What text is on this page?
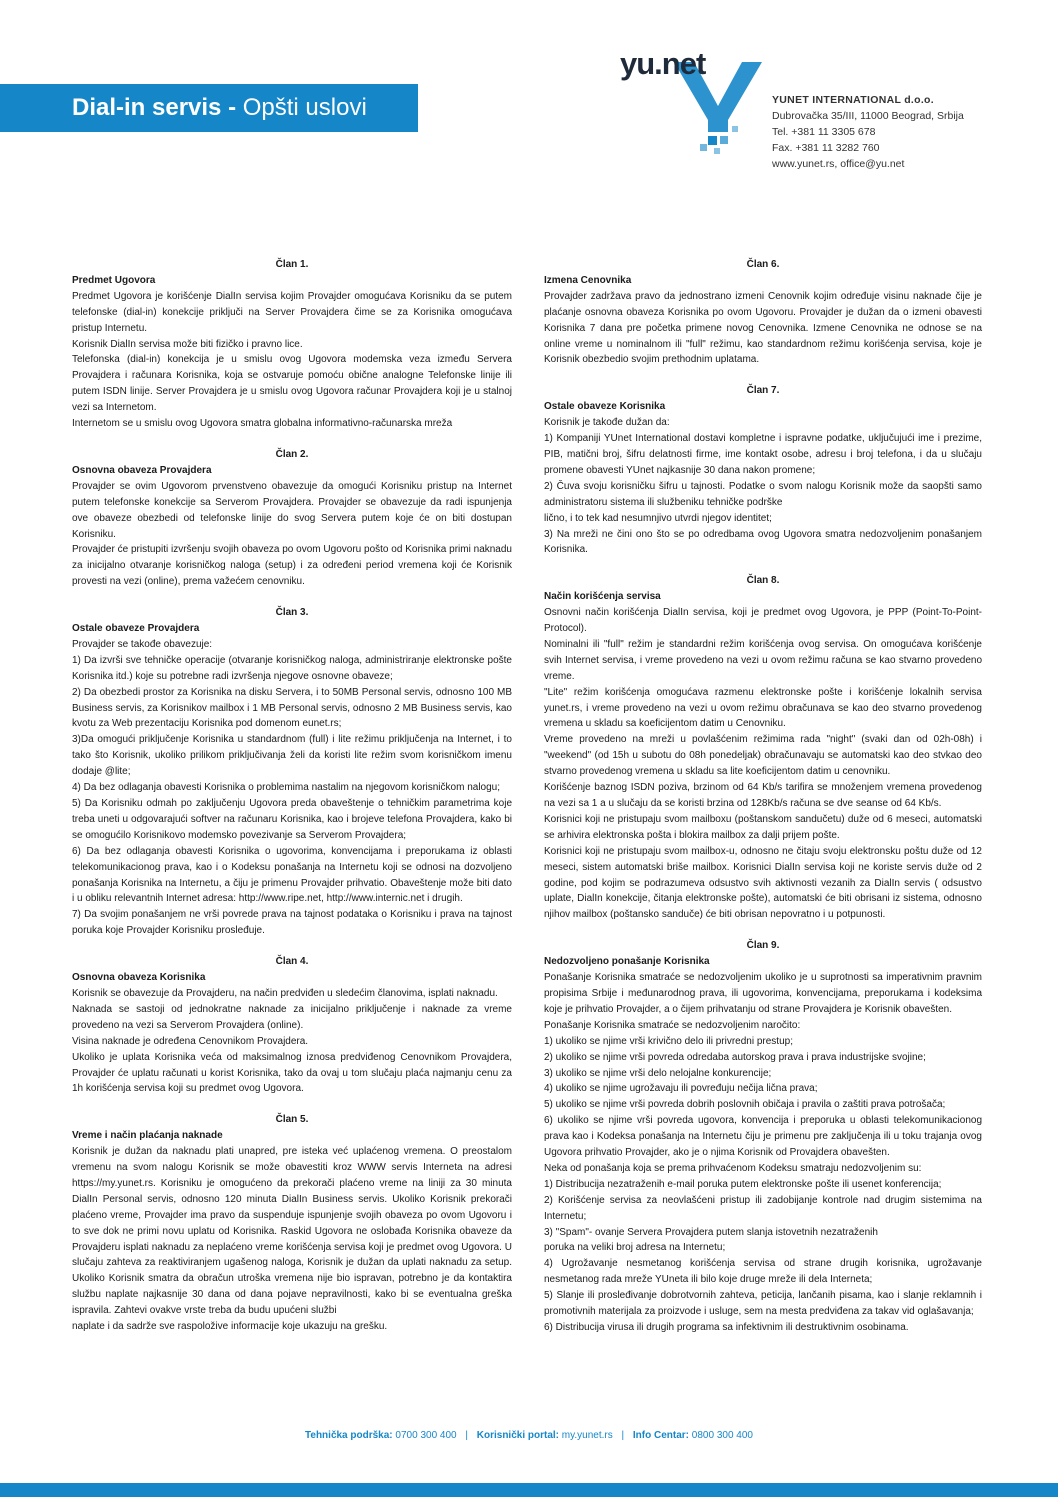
Dial-in servis - Opšti uslovi
yu.net
YUNET INTERNATIONAL d.o.o.
Dubrovačka 35/III, 11000 Beograd, Srbija
Tel. +381 11 3305 678
Fax. +381 11 3282 760
www.yunet.rs, office@yu.net

Član 1.

Predmet Ugovora

Predmet Ugovora je korišćenje DialIn servisa kojim Provajder omogućava Korisniku da se putem telefonske (dial-in) konekcije priključi na Server Provajdera čime se za Korisnika omogućava pristup Internetu.

Korisnik DialIn servisa može biti fizičko i pravno lice.

Telefonska (dial-in) konekcija je u smislu ovog Ugovora modemska veza između Servera Provajdera i računara Korisnika, koja se ostvaruje pomoću obične analogne Telefonske linije ili putem ISDN linije. Server Provajdera je u smislu ovog Ugovora računar Provajdera koji je u stalnoj vezi sa Internetom.

Internetom se u smislu ovog Ugovora smatra globalna informativno-računarska mreža

Član 2.

Osnovna obaveza Provajdera

Provajder se ovim Ugovorom prvenstveno obavezuje da omogući Korisniku pristup na Internet putem telefonske konekcije sa Serverom Provajdera. Provajder se obavezuje da radi ispunjenja ove obaveze obezbedi od telefonske linije do svog Servera putem koje će on biti dostupan Korisniku.

Provajder će pristupiti izvršenju svojih obaveza po ovom Ugovoru pošto od Korisnika primi naknadu za inicijalno otvaranje korisničkog naloga (setup) i za određeni period vremena koji će Korisnik provesti na vezi (online), prema važećem cenovniku.

Član 3.

Ostale obaveze Provajdera

Provajder se takođe obavezuje:

1) Da izvrši sve tehničke operacije (otvaranje korisničkog naloga, administriranje elektronske pošte Korisnika itd.) koje su potrebne radi izvršenja njegove osnovne obaveze;

2) Da obezbedi prostor za Korisnika na disku Servera, i to 50MB Personal servis, odnosno 100 MB Business servis, za Korisnikov mailbox i 1 MB Personal servis, odnosno 2 MB Business servis, kao kvotu za Web prezentaciju Korisnika pod domenom eunet.rs;

3)Da omogući priključenje Korisnika u standardnom (full) i lite režimu priključenja na Internet, i to tako što Korisnik, ukoliko prilikom priključivanja želi da koristi lite režim svom korisničkom imenu dodaje @lite;

4) Da bez odlaganja obavesti Korisnika o problemima nastalim na njegovom korisničkom nalogu;

5) Da Korisniku odmah po zaključenju Ugovora preda obaveštenje o tehničkim parametrima koje treba uneti u odgovarajući softver na računaru Korisnika, kao i brojeve telefona Provajdera, kako bi se omogućilo Korisnikovo modemsko povezivanje sa Serverom Provajdera;

6) Da bez odlaganja obavesti Korisnika o ugovorima, konvencijama i preporukama iz oblasti telekomunikacionog prava, kao i o Kodeksu ponašanja na Internetu koji se odnosi na dozvoljeno ponašanja Korisnika na Internetu, a čiju je primenu Provajder prihvatio. Obaveštenje može biti dato i u obliku relevantnih Internet adresa: http://www.ripe.net, http://www.internic.net i drugih.

7) Da svojim ponašanjem ne vrši povrede prava na tajnost podataka o Korisniku i prava na tajnost poruka koje Provajder Korisniku prosleđuje.

Član 4.

Osnovna obaveza Korisnika

Korisnik se obavezuje da Provajderu, na način predviđen u sledećim članovima, isplati naknadu.

Naknada se sastoji od jednokratne naknade za inicijalno priključenje i naknade za vreme provedeno na vezi sa Serverom Provajdera (online).

Visina naknade je određena Cenovnikom Provajdera.

Ukoliko je uplata Korisnika veća od maksimalnog iznosa predviđenog Cenovnikom Provajdera, Provajder će uplatu računati u korist Korisnika, tako da ovaj u tom slučaju plaća najmanju cenu za 1h korišćenja servisa koji su predmet ovog Ugovora.

Član 5.

Vreme i način plaćanja naknade

Korisnik je dužan da naknadu plati unapred, pre isteka već uplaćenog vremena. O preostalom vremenu na svom nalogu Korisnik se može obavestiti kroz WWW servis Interneta na adresi https://my.yunet.rs. Korisniku je omogućeno da prekorači plaćeno vreme na liniji za 30 minuta DialIn Personal servis, odnosno 120 minuta DialIn Business servis. Ukoliko Korisnik prekorači plaćeno vreme, Provajder ima pravo da suspenduje ispunjenje svojih obaveza po ovom Ugovoru i to sve dok ne primi novu uplatu od Korisnika. Raskid Ugovora ne oslobađa Korisnika obaveze da Provajderu isplati naknadu za neplaćeno vreme korišćenja servisa koji je predmet ovog Ugovora. U slučaju zahteva za reaktiviranjem ugašenog naloga, Korisnik je dužan da uplati naknadu za setup. Ukoliko Korisnik smatra da obračun utroška vremena nije bio ispravan, potrebno je da kontaktira službu naplate najkasnije 30 dana od dana pojave nepravilnosti, kako bi se eventualna greška ispravila. Zahtevi ovakve vrste treba da budu upućeni službi

naplate i da sadrže sve raspoložive informacije koje ukazuju na grešku.

Član 6.

Izmena Cenovnika

Provajder zadržava pravo da jednostrano izmeni Cenovnik kojim određuje visinu naknade čije je plaćanje osnovna obaveza Korisnika po ovom Ugovoru. Provajder je dužan da o izmeni obavesti Korisnika 7 dana pre početka primene novog Cenovnika. Izmene Cenovnika ne odnose se na online vreme u nominalnom ili "full" režimu, kao standardnom režimu korišćenja servisa, koje je Korisnik obezbedio svojim prethodnim uplatama.

Član 7.

Ostale obaveze Korisnika

Korisnik je takođe dužan da:

1) Kompaniji YUnet International dostavi kompletne i ispravne podatke, uključujući ime i prezime, PIB, matični broj, šifru delatnosti firme, ime kontakt osobe, adresu i broj telefona, i da u slučaju promene obavesti YUnet najkasnije 30 dana nakon promene;

2) Čuva svoju korisničku šifru u tajnosti. Podatke o svom nalogu Korisnik može da saopšti samo administratoru sistema ili službeniku tehničke podrške

lično, i to tek kad nesumnjivo utvrdi njegov identitet;

3) Na mreži ne čini ono što se po odredbama ovog Ugovora smatra nedozvoljenim ponašanjem Korisnika.

Član 8.

Način korišćenja servisa

Osnovni način korišćenja DialIn servisa, koji je predmet ovog Ugovora, je PPP (Point-To-Point-Protocol).

Nominalni ili "full" režim je standardni režim korišćenja ovog servisa. On omogućava korišćenje svih Internet servisa, i vreme provedeno na vezi u ovom režimu računa se kao stvarno provedeno vreme.

"Lite" režim korišćenja omogućava razmenu elektronske pošte i korišćenje lokalnih servisa yunet.rs, i vreme provedeno na vezi u ovom režimu obračunava se kao deo stvarno provedenog vremena u skladu sa koeficijentom datim u Cenovniku.

Vreme provedeno na mreži u povlašćenim režimima rada "night" (svaki dan od 02h-08h) i "weekend" (od 15h u subotu do 08h ponedeljak) obračunavaju se automatski kao deo stvkao deo stvarno provedenog vremena u skladu sa lite koeficijentom datim u cenovniku.

Korišćenje baznog ISDN poziva, brzinom od 64 Kb/s tarifira se množenjem vremena provedenog na vezi sa 1 a u slučaju da se koristi brzina od 128Kb/s računa se dve seanse od 64 Kb/s.

Korisnici koji ne pristupaju svom mailboxu (poštanskom sandučetu) duže od 6 meseci, automatski se arhivira elektronska pošta i blokira mailbox za dalji prijem pošte.

Korisnici koji ne pristupaju svom mailbox-u, odnosno ne čitaju svoju elektronsku poštu duže od 12 meseci, sistem automatski briše mailbox. Korisnici DialIn servisa koji ne koriste servis duže od 2 godine, pod kojim se podrazumeva odsustvo svih aktivnosti vezanih za DialIn servis ( odsustvo uplate, DialIn konekcije, čitanja elektronske pošte), automatski će biti obrisani iz sistema, odnosno njihov mailbox (poštansko sanduče) će biti obrisan nepovratno i u potpunosti.

Član 9.

Nedozvoljeno ponašanje Korisnika

Ponašanje Korisnika smatraće se nedozvoljenim ukoliko je u suprotnosti sa imperativnim pravnim propisima Srbije i međunarodnog prava, ili ugovorima, konvencijama, preporukama i kodeksima koje je prihvatio Provajder, a o čijem prihvatanju od strane Provajdera je Korisnik obavešten.

Ponašanje Korisnika smatraće se nedozvoljenim naročito:

1) ukoliko se njime vrši krivično delo ili privredni prestup;

2) ukoliko se njime vrši povreda odredaba autorskog prava i prava industrijske svojine;

3) ukoliko se njime vrši delo nelojalne konkurencije;

4) ukoliko se njime ugrožavaju ili povređuju nečija lična prava;

5) ukoliko se njime vrši povreda dobrih poslovnih običaja i pravila o zaštiti prava potrošača;

6) ukoliko se njime vrši povreda ugovora, konvencija i preporuka u oblasti telekomunikacionog prava kao i Kodeksa ponašanja na Internetu čiju je primenu pre zaključenja ili u toku trajanja ovog Ugovora prihvatio Provajder, ako je o njima Korisnik od Provajdera obavešten.

Neka od ponašanja koja se prema prihvaćenom Kodeksu smatraju nedozvoljenim su:

1) Distribucija nezatraženih e-mail poruka putem elektronske pošte ili usenet konferencija;

2) Korišćenje servisa za neovlašćeni pristup ili zadobijanje kontrole nad drugim sistemima na Internetu;

3) "Spam"- ovanje Servera Provajdera putem slanja istovetnih nezatraženih

poruka na veliki broj adresa na Internetu;

4) Ugrožavanje nesmetanog korišćenja servisa od strane drugih korisnika, ugrožavanje nesmetanog rada mreže YUneta ili bilo koje druge mreže ili dela Interneta;

5) Slanje ili prosleđivanje dobrotvornih zahteva, peticija, lančanih pisama, kao i slanje reklamnih i promotivnih materijala za proizvode i usluge, sem na mesta predviđena za takav vid oglašavanja;

6) Distribucija virusa ili drugih programa sa infektivnim ili destruktivnim osobinama.

Tehnička podrška: 0700 300 400 | Korisnički portal: my.yunet.rs | Info Centar: 0800 300 400
